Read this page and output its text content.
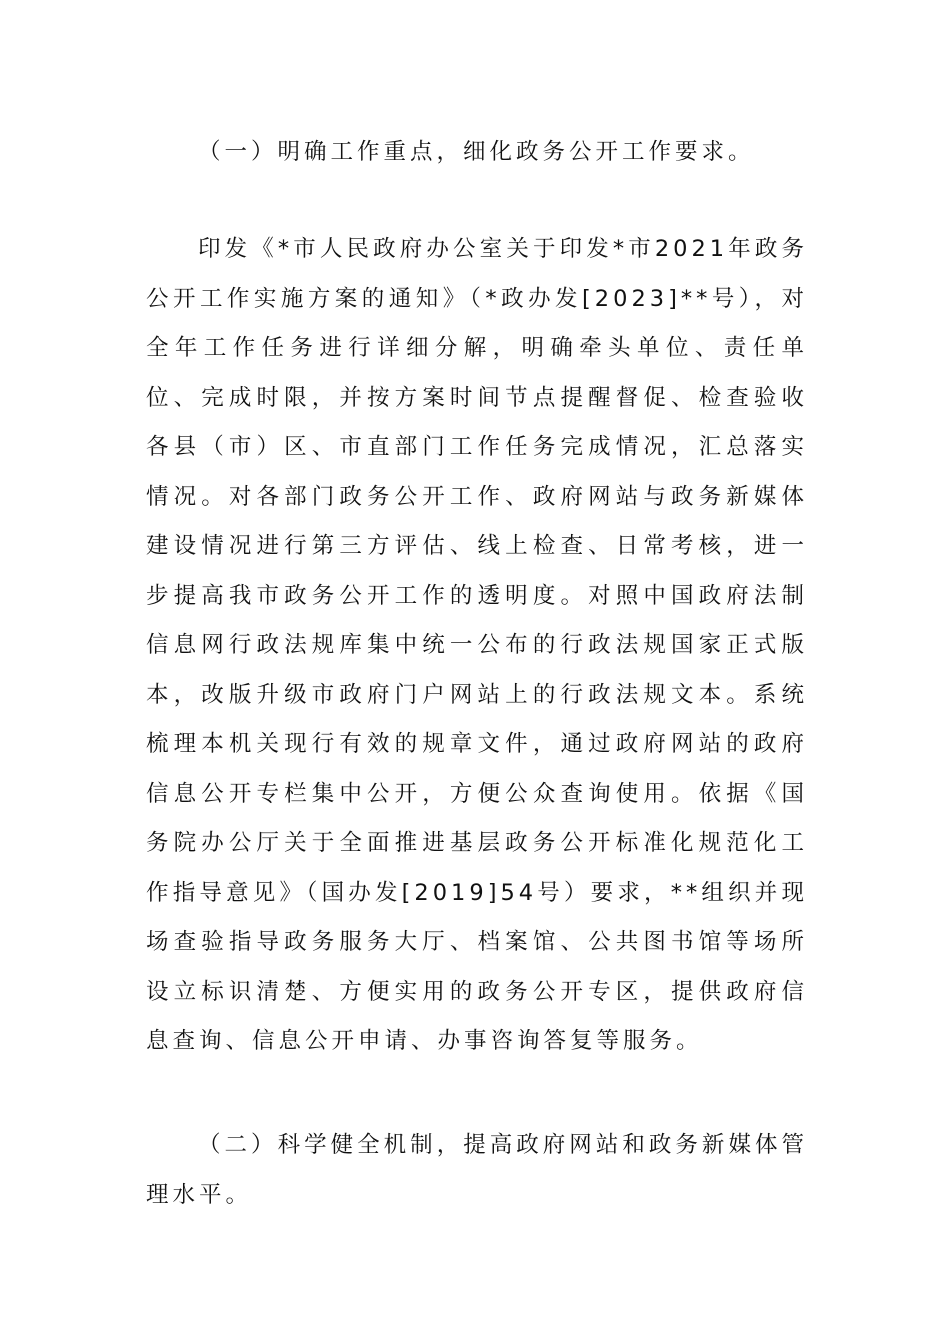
（一）明确工作重点，细化政务公开工作要求。

印发《*市人民政府办公室关于印发*市2021年政务公开工作实施方案的通知》（*政办发[2023]**号），对全年工作任务进行详细分解，明确牵头单位、责任单位、完成时限，并按方案时间节点提醒督促、检查验收各县（市）区、市直部门工作任务完成情况，汇总落实情况。对各部门政务公开工作、政府网站与政务新媒体建设情况进行第三方评估、线上检查、日常考核，进一步提高我市政务公开工作的透明度。对照中国政府法制信息网行政法规库集中统一公布的行政法规国家正式版本，改版升级市政府门户网站上的行政法规文本。系统梳理本机关现行有效的规章文件，通过政府网站的政府信息公开专栏集中公开，方便公众查询使用。依据《国务院办公厅关于全面推进基层政务公开标准化规范化工作指导意见》（国办发[2019]54号）要求，**组织并现场查验指导政务服务大厅、档案馆、公共图书馆等场所设立标识清楚、方便实用的政务公开专区，提供政府信息查询、信息公开申请、办事咨询答复等服务。

（二）科学健全机制，提高政府网站和政务新媒体管理水平。
